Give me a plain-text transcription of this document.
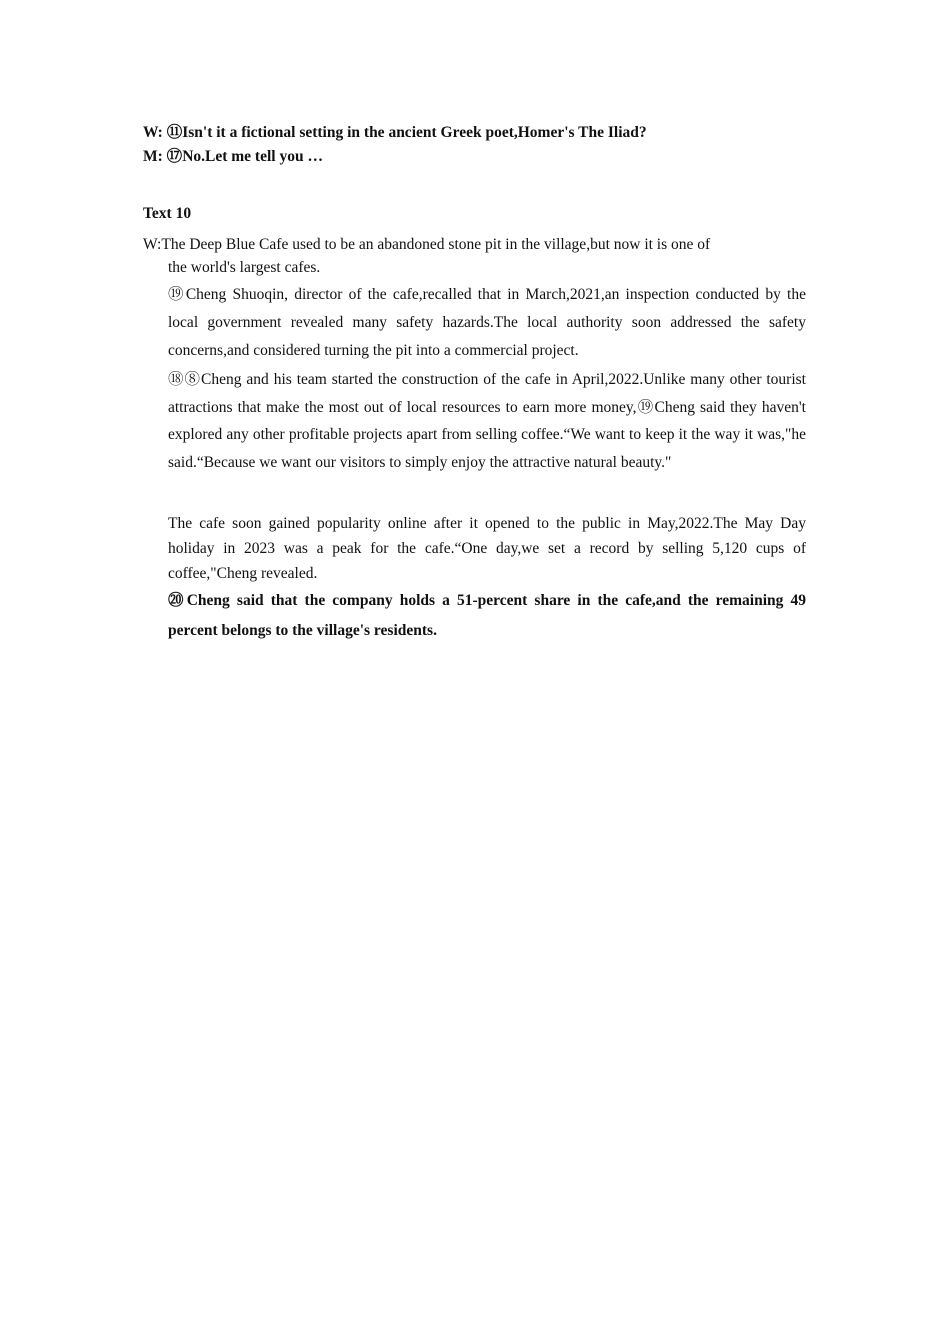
W: ⑪Isn't it a fictional setting in the ancient Greek poet,Homer's The Iliad?
M: ⑰No.Let me tell you …
Text 10
W:The Deep Blue Cafe used to be an abandoned stone pit in the village,but now it is one of
the world's largest cafes.
⑲Cheng Shuoqin, director of the cafe,recalled that in March,2021,an inspection conducted by the local government revealed many safety hazards.The local authority soon addressed the safety concerns,and considered turning the pit into a commercial project.
⑱⑧Cheng and his team started the construction of the cafe in April,2022.Unlike many other tourist attractions that make the most out of local resources to earn more money,⑲Cheng said they haven't explored any other profitable projects apart from selling coffee.“We want to keep it the way it was,"he said.“Because we want our visitors to simply enjoy the attractive natural beauty."
The cafe soon gained popularity online after it opened to the public in May,2022.The May Day holiday in 2023 was a peak for the cafe.“One day,we set a record by selling 5,120 cups of coffee,"Cheng revealed.
⑳Cheng said that the company holds a 51-percent share in the cafe,and the remaining 49 percent belongs to the village's residents.
